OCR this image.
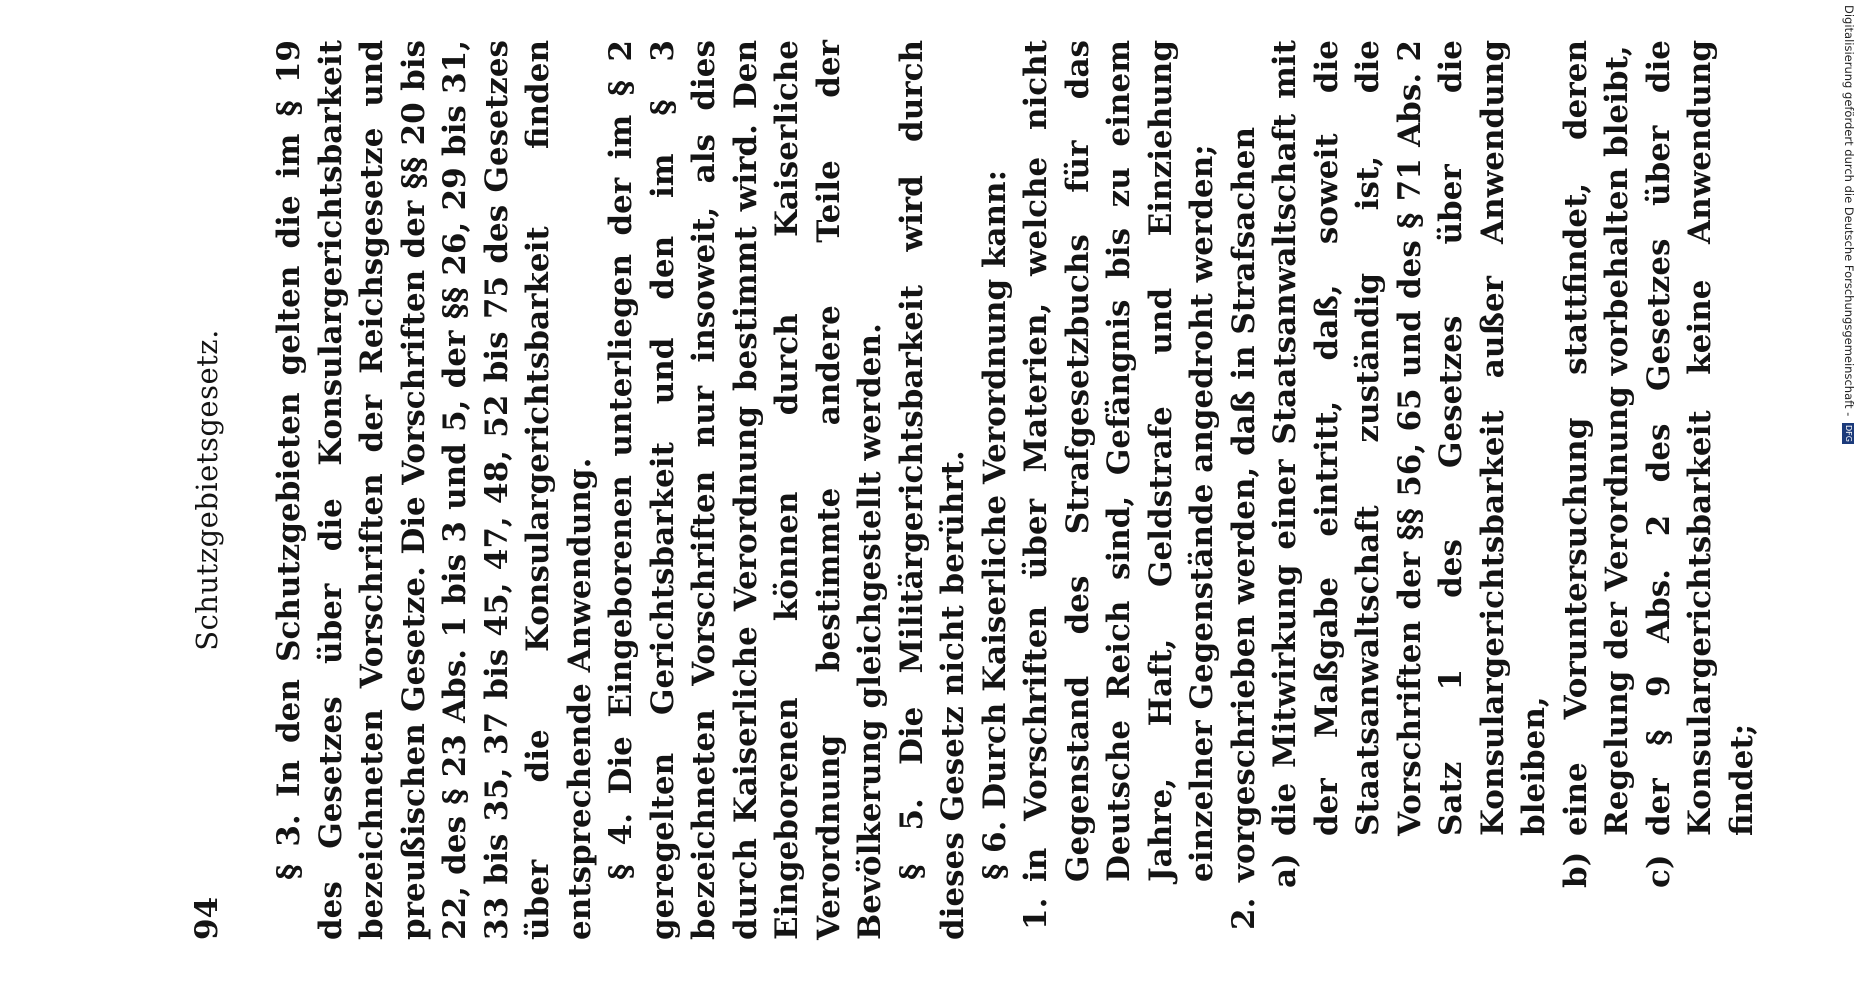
94
Schutzgebietsgesetz. § 3. In den Schutzgebieten gelten die im § 19 des Gesetzes über die Konsulargerichtsbarkeit bezeichneten Vorschriften der Reichsgesetze und preußischen Gesetze. Die Vorschriften der §§ 20 bis 22, des § 23 Abs. 1 bis 3 und 5, der §§ 26, 29 bis 31, 33 bis 35, 37 bis 45, 47, 48, 52 bis 75 des Gesetzes über die Konsulargerichtsbarkeit finden entsprechende Anwendung. § 4. Die Eingeborenen unterliegen der im § 2 geregelten Gerichtsbarkeit und den im § 3 bezeichneten Vorschriften nur insoweit, als dies durch Kaiserliche Verordnung bestimmt wird. Den Eingeborenen können durch Kaiserliche Verordnung bestimmte andere Teile der Bevölkerung gleichgestellt werden. § 5. Die Militärgerichtsbarkeit wird durch dieses Gesetz nicht berührt. § 6. Durch Kaiserliche Verordnung kann:

1.
in Vorschriften über Materien, welche nicht Gegenstand des Strafgesetzbuchs für das Deutsche Reich sind, Gefängnis bis zu einem Jahre, Haft, Geldstrafe und Einziehung einzelner Gegenstände angedroht werden;
2.
vorgeschrieben werden, daß in Strafsachen a)
die Mitwirkung einer Staatsanwaltschaft mit der Maßgabe eintritt, daß, soweit die Staatsanwaltschaft zuständig ist, die Vorschriften der §§ 56, 65 und des § 71 Abs. 2 Satz 1 des Gesetzes über die Konsulargerichtsbarkeit außer Anwendung bleiben,
b)
eine Voruntersuchung stattfindet, deren Regelung der Verordnung vorbehalten bleibt,
c)
der § 9 Abs. 2 des Gesetzes über die Konsulargerichtsbarkeit keine Anwendung findet;
Digitalisierung gefördert durch die Deutsche Forschungsgemeinschaft - DFG
